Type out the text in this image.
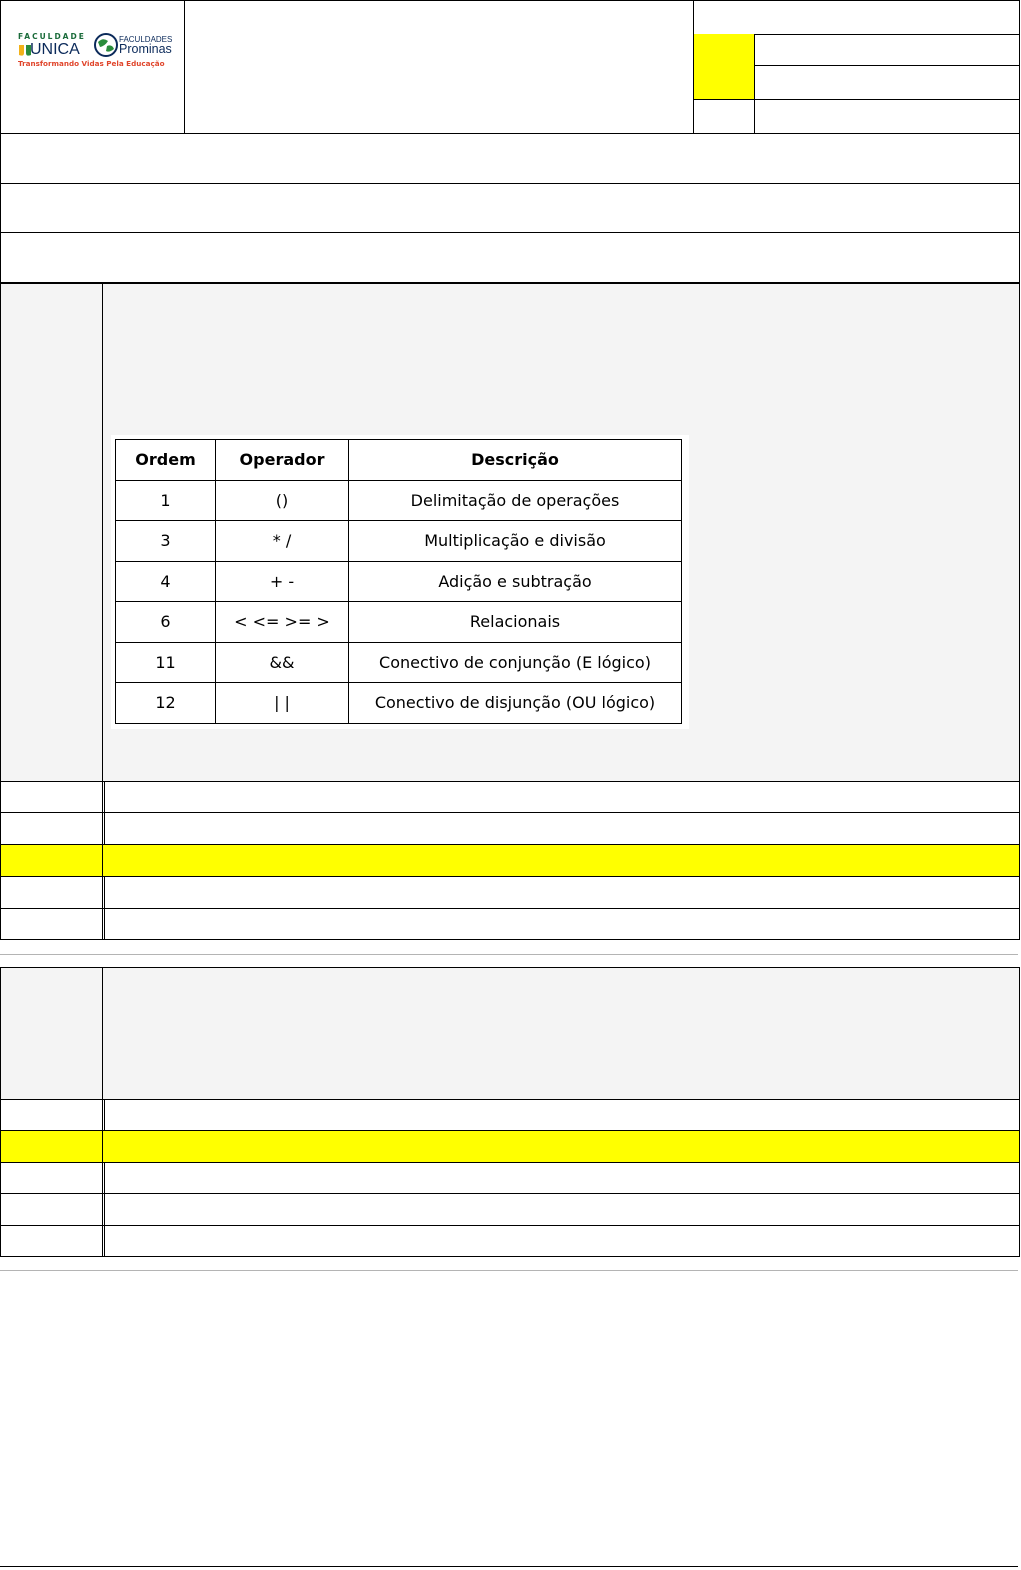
FACULDADE
UNICA
FACULDADES
Prominas
Transformando Vidas Pela Educação
Ordem	Operador	Descrição
1	()	Delimitação de operações
3	* /	Multiplicação e divisão
4	+ -	Adição e subtração
6	< <= >= >	Relacionais
11	&&	Conectivo de conjunção (E lógico)
12	| |	Conectivo de disjunção (OU lógico)
